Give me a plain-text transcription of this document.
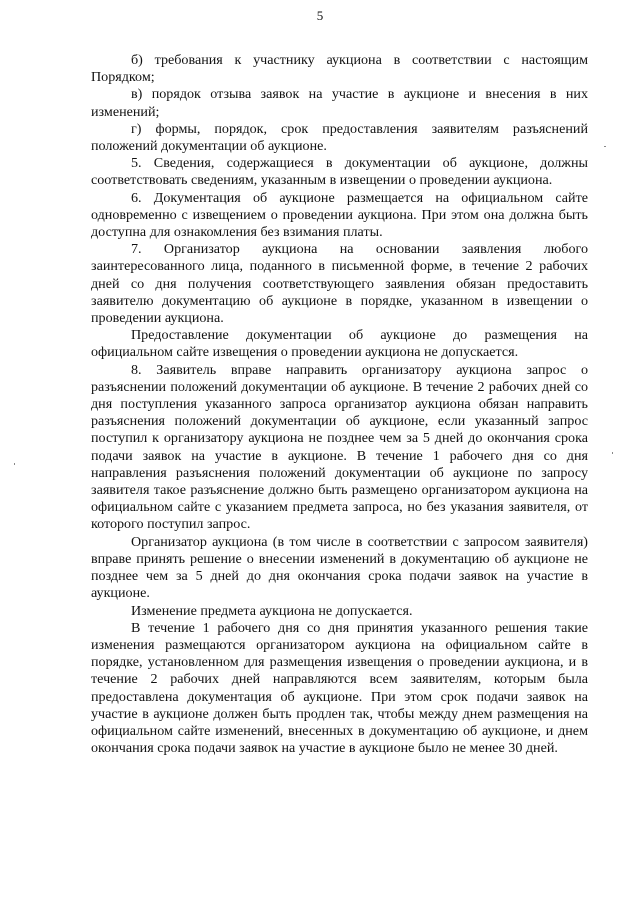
5

б) требования к участнику аукциона в соответствии с настоящим Порядком;

в) порядок отзыва заявок на участие в аукционе и внесения в них изменений;

г) формы, порядок, срок предоставления заявителям разъяснений положений документации об аукционе.

5. Сведения, содержащиеся в документации об аукционе, должны соответствовать сведениям, указанным в извещении о проведении аукциона.

6. Документация об аукционе размещается на официальном сайте одновременно с извещением о проведении аукциона. При этом она должна быть доступна для ознакомления без взимания платы.

7. Организатор аукциона на основании заявления любого заинтересованного лица, поданного в письменной форме, в течение 2 рабочих дней со дня получения соответствующего заявления обязан предоставить заявителю документацию об аукционе в порядке, указанном в извещении о проведении аукциона.

Предоставление документации об аукционе до размещения на официальном сайте извещения о проведении аукциона не допускается.

8. Заявитель вправе направить организатору аукциона запрос о разъяснении положений документации об аукционе. В течение 2 рабочих дней со дня поступления указанного запроса организатор аукциона обязан направить разъяснения положений документации об аукционе, если указанный запрос поступил к организатору аукциона не позднее чем за 5 дней до окончания срока подачи заявок на участие в аукционе. В течение 1 рабочего дня со дня направления разъяснения положений документации об аукционе по запросу заявителя такое разъяснение должно быть размещено организатором аукциона на официальном сайте с указанием предмета запроса, но без указания заявителя, от которого поступил запрос.

Организатор аукциона (в том числе в соответствии с запросом заявителя) вправе принять решение о внесении изменений в документацию об аукционе не позднее чем за 5 дней до дня окончания срока подачи заявок на участие в аукционе.

Изменение предмета аукциона не допускается.

В течение 1 рабочего дня со дня принятия указанного решения такие изменения размещаются организатором аукциона на официальном сайте в порядке, установленном для размещения извещения о проведении аукциона, и в течение 2 рабочих дней направляются всем заявителям, которым была предоставлена документация об аукционе. При этом срок подачи заявок на участие в аукционе должен быть продлен так, чтобы между днем размещения на официальном сайте изменений, внесенных в документацию об аукционе, и днем окончания срока подачи заявок на участие в аукционе было не менее 30 дней.
